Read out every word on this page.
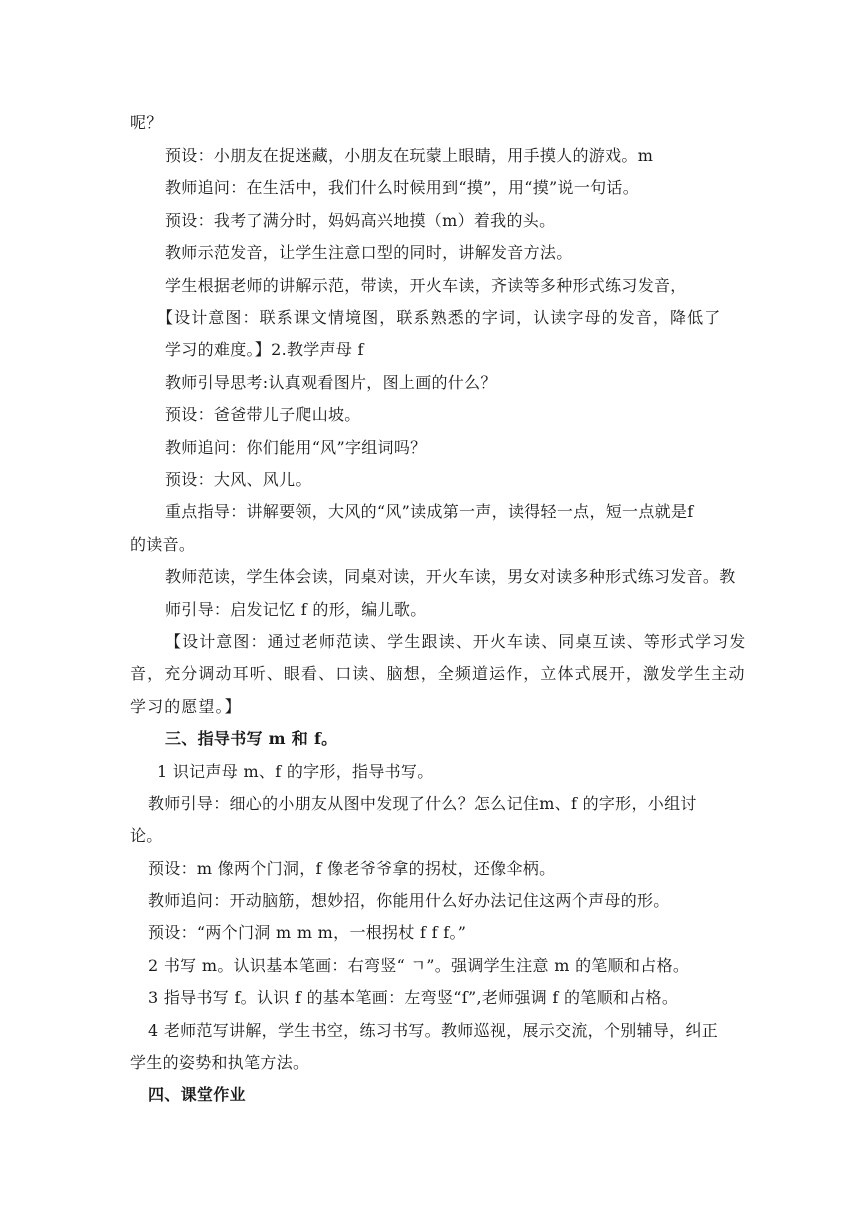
呢？
预设：小朋友在捉迷藏，小朋友在玩蒙上眼睛，用手摸人的游戏。m
教师追问：在生活中，我们什么时候用到“摸”，用“摸”说一句话。
预设：我考了满分时，妈妈高兴地摸（m）着我的头。
教师示范发音，让学生注意口型的同时，讲解发音方法。
学生根据老师的讲解示范，带读，开火车读，齐读等多种形式练习发音，
【设计意图：联系课文情境图，联系熟悉的字词，认读字母的发音，降低了
学习的难度。】2.教学声母 f
教师引导思考:认真观看图片，图上画的什么？
预设：爸爸带儿子爬山坡。
教师追问：你们能用“风”字组词吗？
预设：大风、风儿。
重点指导：讲解要领，大风的“风”读成第一声，读得轻一点，短一点就是f
的读音。
教师范读，学生体会读，同桌对读，开火车读，男女对读多种形式练习发音。教
师引导：启发记忆 f 的形，编儿歌。
【设计意图：通过老师范读、学生跟读、开火车读、同桌互读、等形式学习发
音，充分调动耳听、眼看、口读、脑想，全频道运作，立体式展开，激发学生主动
学习的愿望。】
三、指导书写 m 和 f。
1 识记声母 m、f 的字形，指导书写。
教师引导：细心的小朋友从图中发现了什么？怎么记住m、f 的字形，小组讨
论。
预设：m 像两个门洞，f 像老爷爷拿的拐杖，还像伞柄。
教师追问：开动脑筋，想妙招，你能用什么好办法记住这两个声母的形。
预设：“两个门洞 m m m，一根拐杖 f f f。”
2 书写 m。认识基本笔画：右弯竖“ ㄱ”。强调学生注意 m 的笔顺和占格。
3 指导书写 f。认识 f 的基本笔画：左弯竖“ſ”,老师强调 f 的笔顺和占格。
4 老师范写讲解，学生书空，练习书写。教师巡视，展示交流，个别辅导，纠正
学生的姿势和执笔方法。
四、课堂作业
